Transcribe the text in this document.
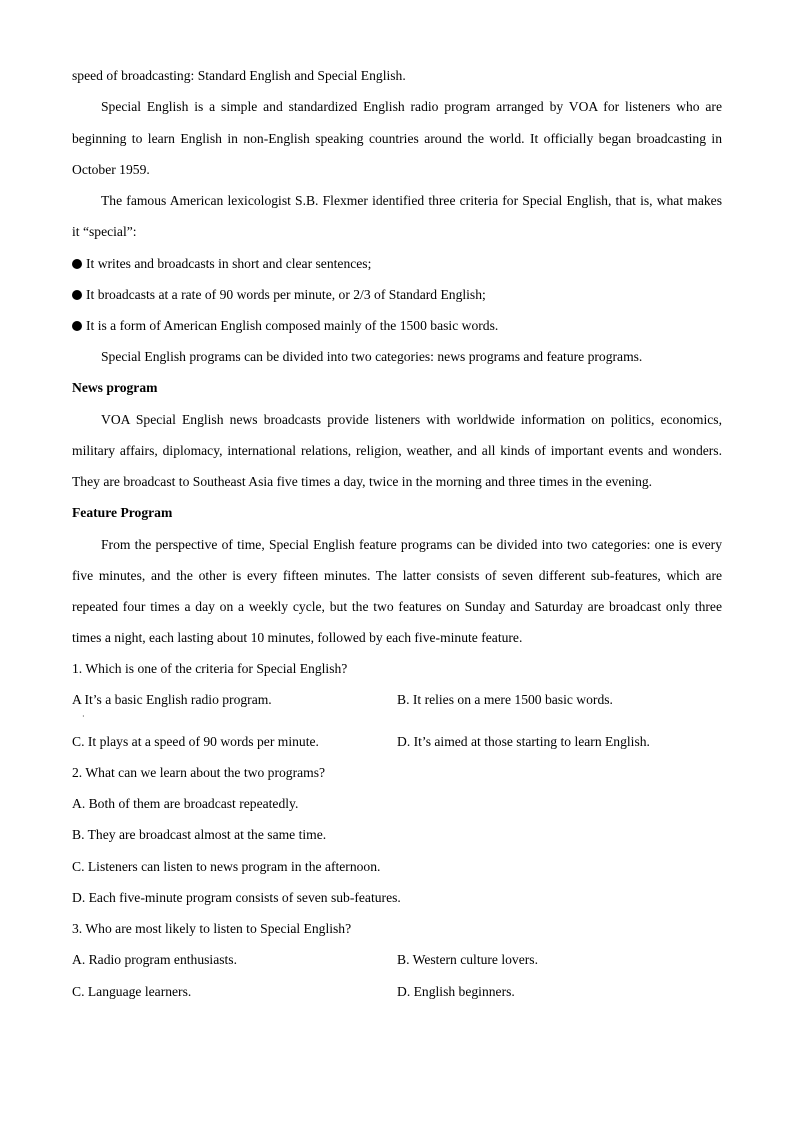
speed of broadcasting: Standard English and Special English.
Special English is a simple and standardized English radio program arranged by VOA for listeners who are
beginning to learn English in non-English speaking countries around the world. It officially began broadcasting in
October 1959.
The famous American lexicologist S.B. Flexmer identified three criteria for Special English, that is, what makes
it “special”:
It writes and broadcasts in short and clear sentences;
It broadcasts at a rate of 90 words per minute, or 2/3 of Standard English;
It is a form of American English composed mainly of the 1500 basic words.
Special English programs can be divided into two categories: news programs and feature programs.
News program
VOA Special English news broadcasts provide listeners with worldwide information on politics, economics,
military affairs, diplomacy, international relations, religion, weather, and all kinds of important events and wonders.
They are broadcast to Southeast Asia five times a day, twice in the morning and three times in the evening.
Feature Program
From the perspective of time, Special English feature programs can be divided into two categories: one is every
five minutes, and the other is every fifteen minutes. The latter consists of seven different sub-features, which are
repeated four times a day on a weekly cycle, but the two features on Sunday and Saturday are broadcast only three
times a night, each lasting about 10 minutes, followed by each five-minute feature.
1. Which is one of the criteria for Special English?
A It’s a basic English radio program.	B. It relies on a mere 1500 basic words.
·
C. It plays at a speed of 90 words per minute.	D. It’s aimed at those starting to learn English.
2. What can we learn about the two programs?
A. Both of them are broadcast repeatedly.
B. They are broadcast almost at the same time.
C. Listeners can listen to news program in the afternoon.
D. Each five-minute program consists of seven sub-features.
3. Who are most likely to listen to Special English?
A. Radio program enthusiasts.	B. Western culture lovers.
C. Language learners.	D. English beginners.
